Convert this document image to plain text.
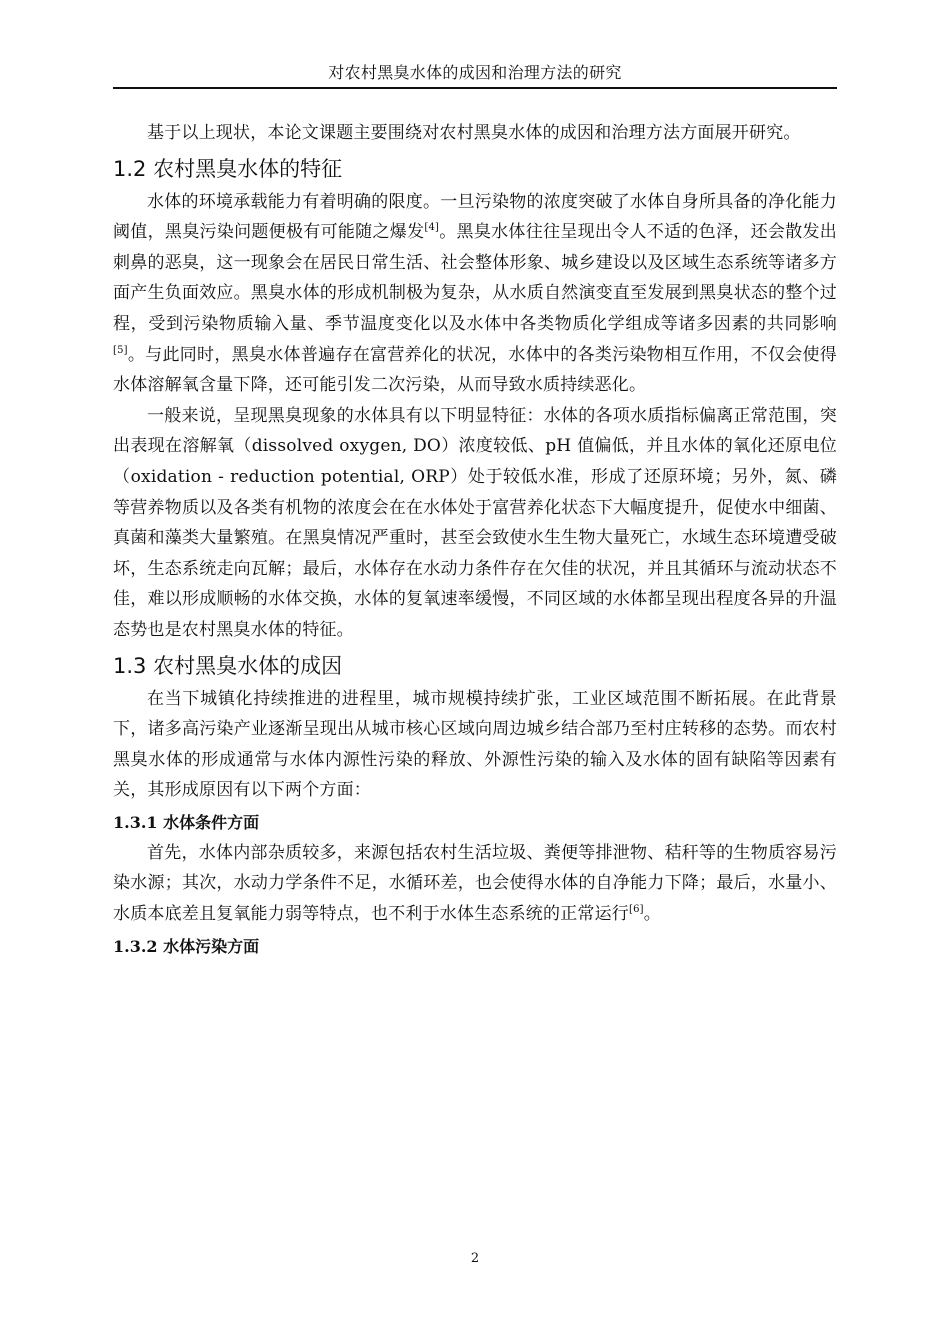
对农村黑臭水体的成因和治理方法的研究

基于以上现状，本论文课题主要围绕对农村黑臭水体的成因和治理方法方面展开研究。

1.2 农村黑臭水体的特征

水体的环境承载能力有着明确的限度。一旦污染物的浓度突破了水体自身所具备的净化能力阈值，黑臭污染问题便极有可能随之爆发[4]。黑臭水体往往呈现出令人不适的色泽，还会散发出刺鼻的恶臭，这一现象会在居民日常生活、社会整体形象、城乡建设以及区域生态系统等诸多方面产生负面效应。黑臭水体的形成机制极为复杂，从水质自然演变直至发展到黑臭状态的整个过程，受到污染物质输入量、季节温度变化以及水体中各类物质化学组成等诸多因素的共同影响[5]。与此同时，黑臭水体普遍存在富营养化的状况，水体中的各类污染物相互作用，不仅会使得水体溶解氧含量下降，还可能引发二次污染，从而导致水质持续恶化。

一般来说，呈现黑臭现象的水体具有以下明显特征：水体的各项水质指标偏离正常范围，突出表现在溶解氧（dissolved oxygen, DO）浓度较低、pH 值偏低，并且水体的氧化还原电位（oxidation - reduction potential, ORP）处于较低水准，形成了还原环境；另外，氮、磷等营养物质以及各类有机物的浓度会在在水体处于富营养化状态下大幅度提升，促使水中细菌、真菌和藻类大量繁殖。在黑臭情况严重时，甚至会致使水生生物大量死亡，水域生态环境遭受破坏，生态系统走向瓦解；最后，水体存在水动力条件存在欠佳的状况，并且其循环与流动状态不佳，难以形成顺畅的水体交换，水体的复氧速率缓慢，不同区域的水体都呈现出程度各异的升温态势也是农村黑臭水体的特征。

1.3 农村黑臭水体的成因

在当下城镇化持续推进的进程里，城市规模持续扩张，工业区域范围不断拓展。在此背景下，诸多高污染产业逐渐呈现出从城市核心区域向周边城乡结合部乃至村庄转移的态势。而农村黑臭水体的形成通常与水体内源性污染的释放、外源性污染的输入及水体的固有缺陷等因素有关，其形成原因有以下两个方面：

1.3.1 水体条件方面

首先，水体内部杂质较多，来源包括农村生活垃圾、粪便等排泄物、秸秆等的生物质容易污染水源；其次，水动力学条件不足，水循环差，也会使得水体的自净能力下降；最后，水量小、水质本底差且复氧能力弱等特点，也不利于水体生态系统的正常运行[6]。

1.3.2 水体污染方面
2
